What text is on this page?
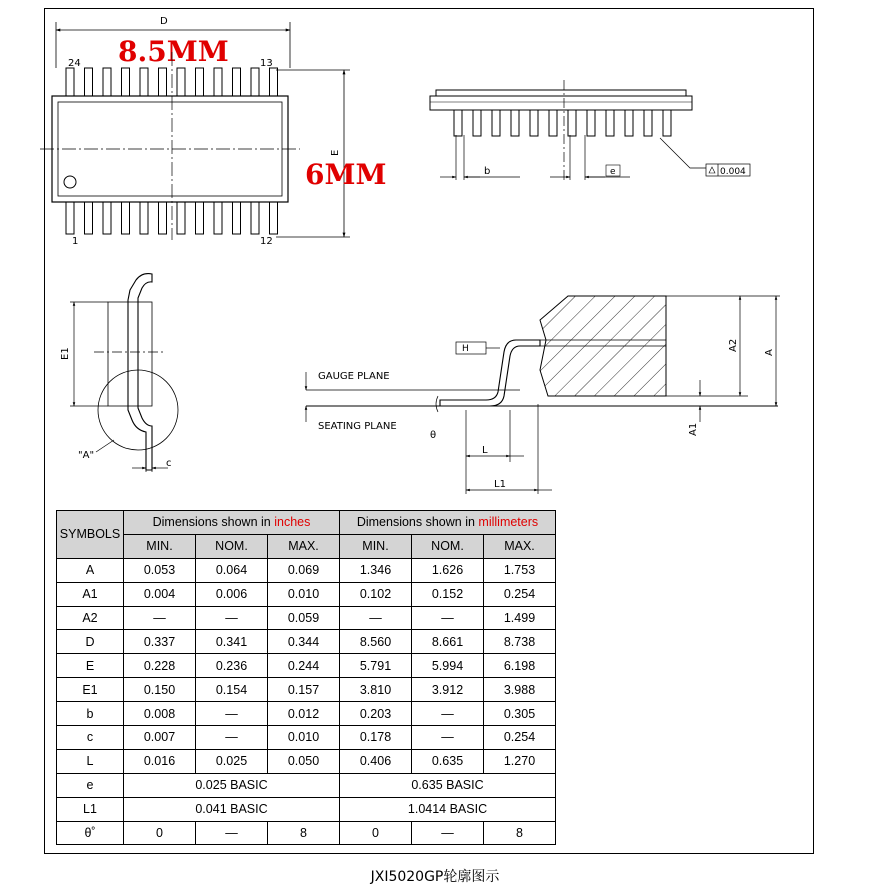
D
8.5MM
24	13
1	12
E
6MM	b	e	0.004
E1
"A"
c
H
GAUGE PLANE
SEATING PLANE
θ
L
L1
A2
A
A1
SYMBOLS	Dimensions shown in inches			Dimensions shown in millimeters		
	MIN.	NOM.	MAX.	MIN.	NOM.	MAX.
A	0.053	0.064	0.069	1.346	1.626	1.753
A1	0.004	0.006	0.010	0.102	0.152	0.254
A2	—	—	0.059	—	—	1.499
D	0.337	0.341	0.344	8.560	8.661	8.738
E	0.228	0.236	0.244	5.791	5.994	6.198
E1	0.150	0.154	0.157	3.810	3.912	3.988
b	0.008	—	0.012	0.203	—	0.305
c	0.007	—	0.010	0.178	—	0.254
L	0.016	0.025	0.050	0.406	0.635	1.270
e	0.025 BASIC			0.635 BASIC		
L1	0.041 BASIC			1.0414 BASIC		
θ˚	0	—	8	0	—	8
JXI5020GP轮廓图示
